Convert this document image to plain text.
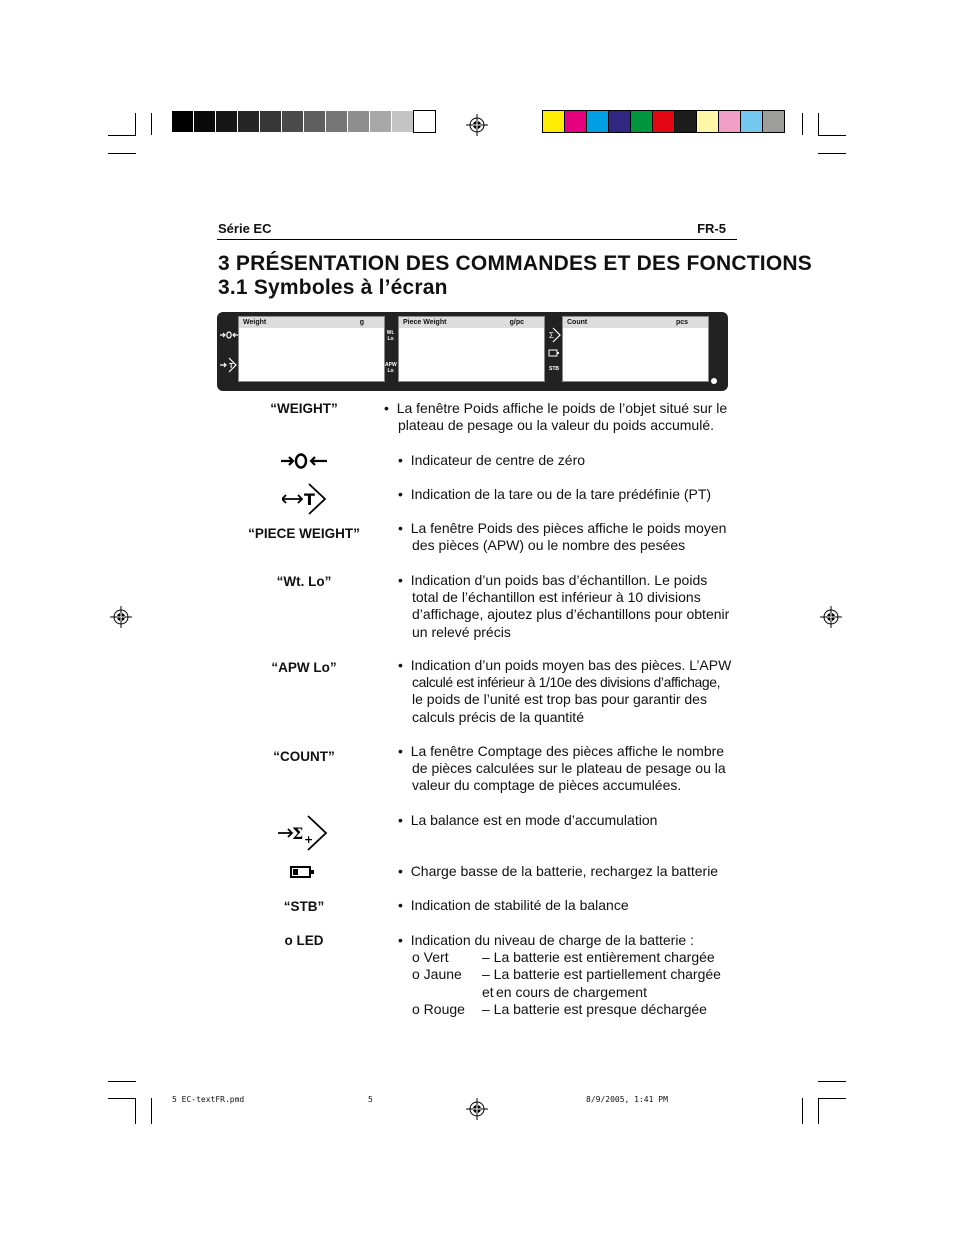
Série EC	FR-5
3 PRÉSENTATION DES COMMANDES ET DES FONCTIONS
3.1 Symboles à l’écran
T
Weight	g
Wt. Lo
APW Lo
Piece Weight	g/pc
Σ
STB
Count	pcs
“WEIGHT”	•  La fenêtre Poids affiche le poids de l’objet situé sur le plateau de pesage ou la valeur du poids accumulé.
•  Indicateur de centre de zéro
T	•  Indication de la tare ou de la tare prédéfinie (PT)
“PIECE WEIGHT”	•  La fenêtre Poids des pièces affiche le poids moyen
des pièces (APW) ou le nombre des pesées
“Wt. Lo”	•  Indication d’un poids bas d’échantillon. Le poids
total de l’échantillon est inférieur à 10 divisions
d’affichage, ajoutez plus d’échantillons pour obtenir
un relevé précis
“APW Lo”	•  Indication d’un poids moyen bas des pièces. L’APW
calculé est inférieur à 1/10e des divisions d’affichage,
le poids de l’unité est trop bas pour garantir des
calculs précis de la quantité
“COUNT”	•  La fenêtre Comptage des pièces affiche le nombre
de pièces calculées sur le plateau de pesage ou la
valeur du comptage de pièces accumulées.
Σ +
•  La balance est en mode d’accumulation
•  Charge basse de la batterie, rechargez la batterie
“STB”	•  Indication de stabilité de la balance
o LED	•  Indication du niveau de charge de la batterie :
o Vert – La batterie est entièrement chargée
o Jaune – La batterie est partiellement chargée et en cours de chargement
o Rouge – La batterie est presque déchargée
5 EC-textFR.pmd	5	8/9/2005, 1:41 PM
